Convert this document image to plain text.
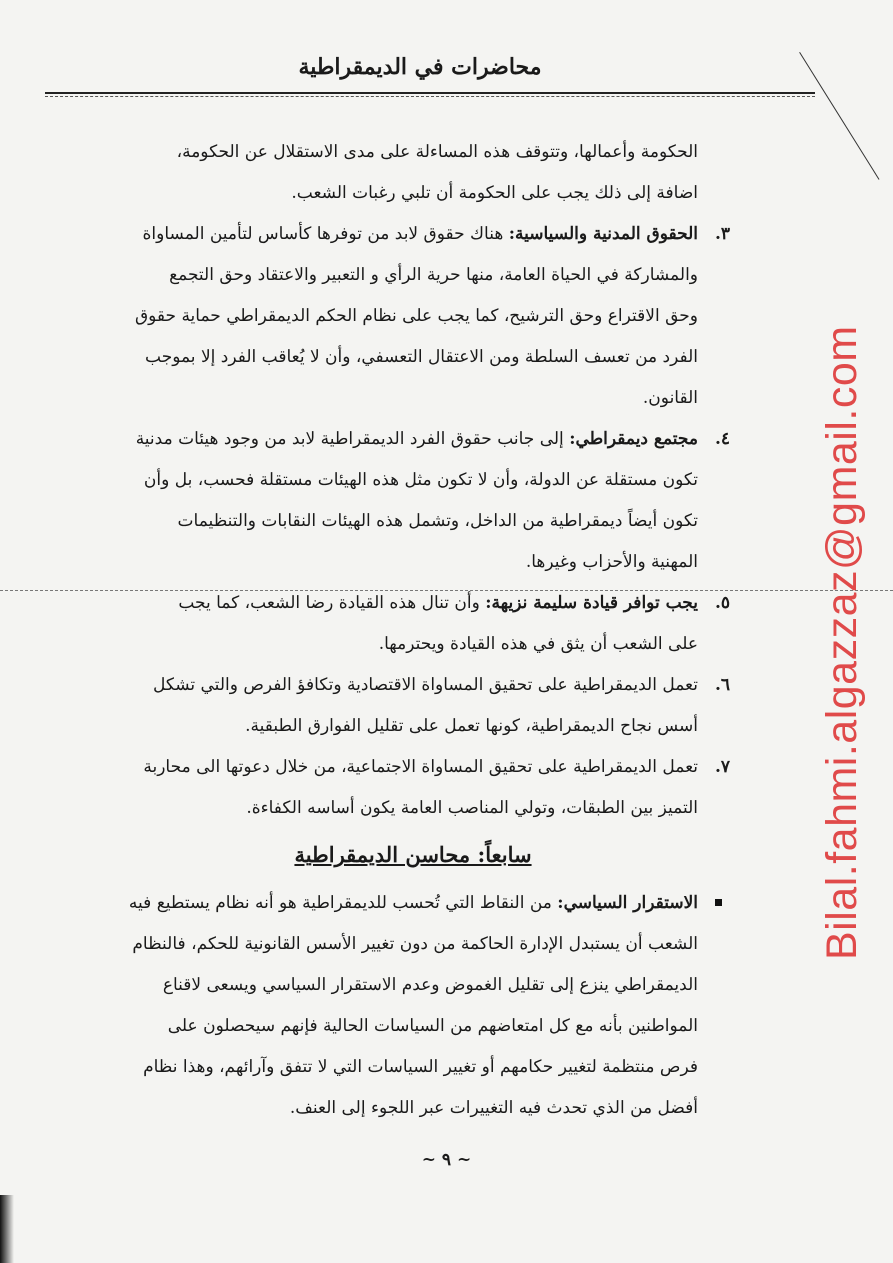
محاضرات في الديمقراطية
الحكومة وأعمالها، وتتوقف هذه المساءلة على مدى الاستقلال عن الحكومة،
اضافة إلى ذلك يجب على الحكومة أن تلبي رغبات الشعب.
٣.
الحقوق المدنية والسياسية: هناك حقوق لابد من توفرها كأساس لتأمين المساواة
والمشاركة في الحياة العامة، منها حرية الرأي و التعبير والاعتقاد وحق التجمع
وحق الاقتراع وحق الترشيح، كما يجب على نظام الحكم الديمقراطي حماية حقوق
الفرد من تعسف السلطة ومن الاعتقال التعسفي، وأن لا يُعاقب الفرد إلا بموجب
القانون.
٤.
مجتمع ديمقراطي: إلى جانب حقوق الفرد الديمقراطية لابد من وجود هيئات مدنية
تكون مستقلة عن الدولة، وأن لا تكون مثل هذه الهيئات مستقلة فحسب، بل وأن
تكون أيضاً ديمقراطية من الداخل، وتشمل هذه الهيئات النقابات والتنظيمات
المهنية والأحزاب وغيرها.
٥.
يجب توافر قيادة سليمة نزيهة: وأن تنال هذه القيادة رضا الشعب، كما يجب
على الشعب أن يثق في هذه القيادة ويحترمها.
٦.
تعمل الديمقراطية على تحقيق المساواة الاقتصادية وتكافؤ الفرص والتي تشكل
أسس نجاح الديمقراطية، كونها تعمل على تقليل الفوارق الطبقية.
٧.
تعمل الديمقراطية على تحقيق المساواة الاجتماعية، من خلال دعوتها الى محاربة
التميز بين الطبقات، وتولي المناصب العامة يكون أساسه الكفاءة.
سابعاً: محاسن الديمقراطية
الاستقرار السياسي: من النقاط التي تُحسب للديمقراطية هو أنه نظام يستطيع فيه
الشعب أن يستبدل الإدارة الحاكمة من دون تغيير الأسس القانونية للحكم، فالنظام
الديمقراطي ينزع إلى تقليل الغموض وعدم الاستقرار السياسي ويسعى لاقناع
المواطنين بأنه مع كل امتعاضهم من السياسات الحالية فإنهم سيحصلون على
فرص منتظمة لتغيير حكامهم أو تغيير السياسات التي لا تتفق وآرائهم، وهذا نظام
أفضل من الذي تحدث فيه التغييرات عبر اللجوء إلى العنف.
~ ٩ ~
Bilal.fahmi.algazzaz@gmail.com
